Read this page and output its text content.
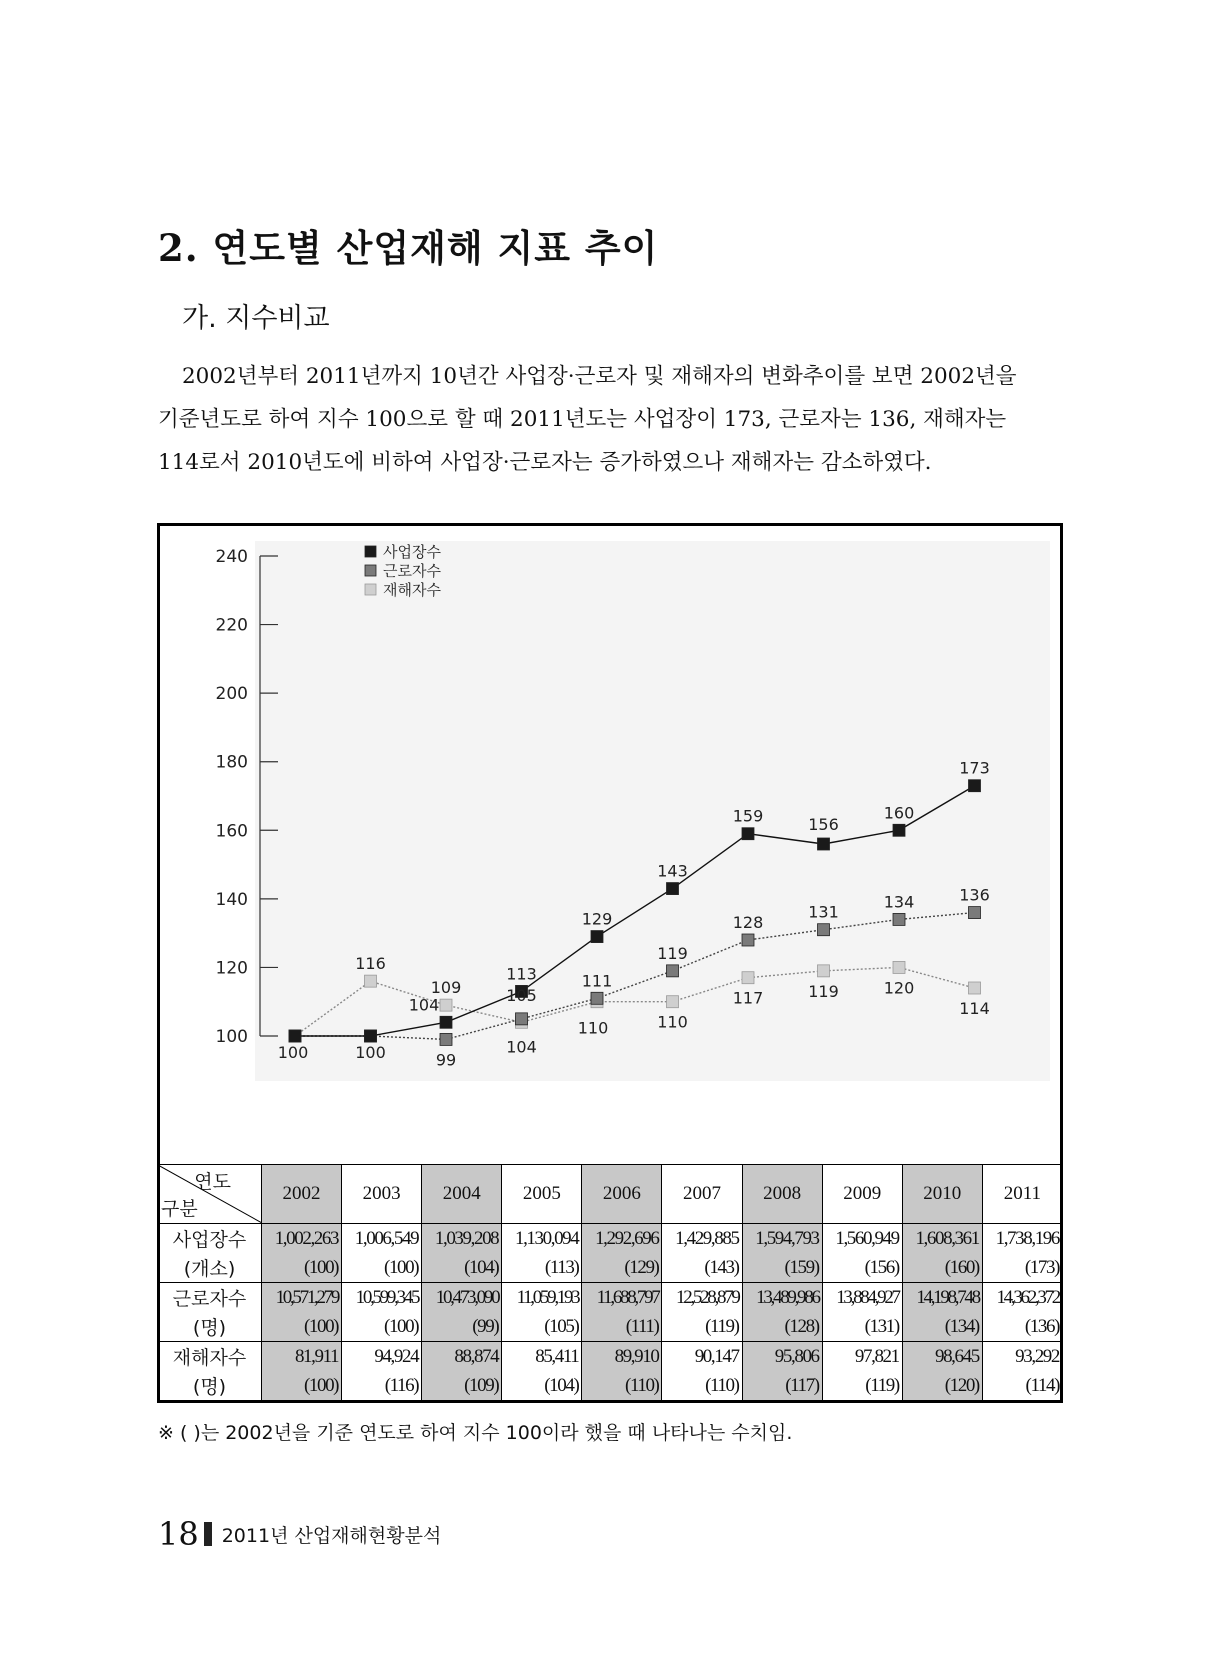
2. 연도별 산업재해 지표 추이
가. 지수비교
2002년부터 2011년까지 10년간 사업장·근로자 및 재해자의 변화추이를 보면 2002년을
기준년도로 하여 지수 100으로 할 때 2011년도는 사업장이 173, 근로자는 136, 재해자는
114로서 2010년도에 비하여 사업장·근로자는 증가하였으나 재해자는 감소하였다.
100
120
140
160
180
200
220
240
100	100
104
113
129
143
159	156
160
173
99
105
111
119
128
131
134	136
116
109
104
110	110
117	119	120
114
사업장수
근로자수
재해자수
연도
구분	2002	2003	2004	2005	2006	2007	2008	2009	2010	2011
사업장수	1,002,263	1,006,549	1,039,208	1,130,094	1,292,696	1,429,885	1,594,793	1,560,949	1,608,361	1,738,196
(개소)	(100)	(100)	(104)	(113)	(129)	(143)	(159)	(156)	(160)	(173)
근로자수	10,571,279	10,599,345	10,473,090	11,059,193	11,688,797	12,528,879	13,489,986	13,884,927	14,198,748	14,362,372
(명)	(100)	(100)	(99)	(105)	(111)	(119)	(128)	(131)	(134)	(136)
재해자수	81,911	94,924	88,874	85,411	89,910	90,147	95,806	97,821	98,645	93,292
(명)	(100)	(116)	(109)	(104)	(110)	(110)	(117)	(119)	(120)	(114)
※ ( )는 2002년을 기준 연도로 하여 지수 100이라 했을 때 나타나는 수치임.
18 2011년 산업재해현황분석
